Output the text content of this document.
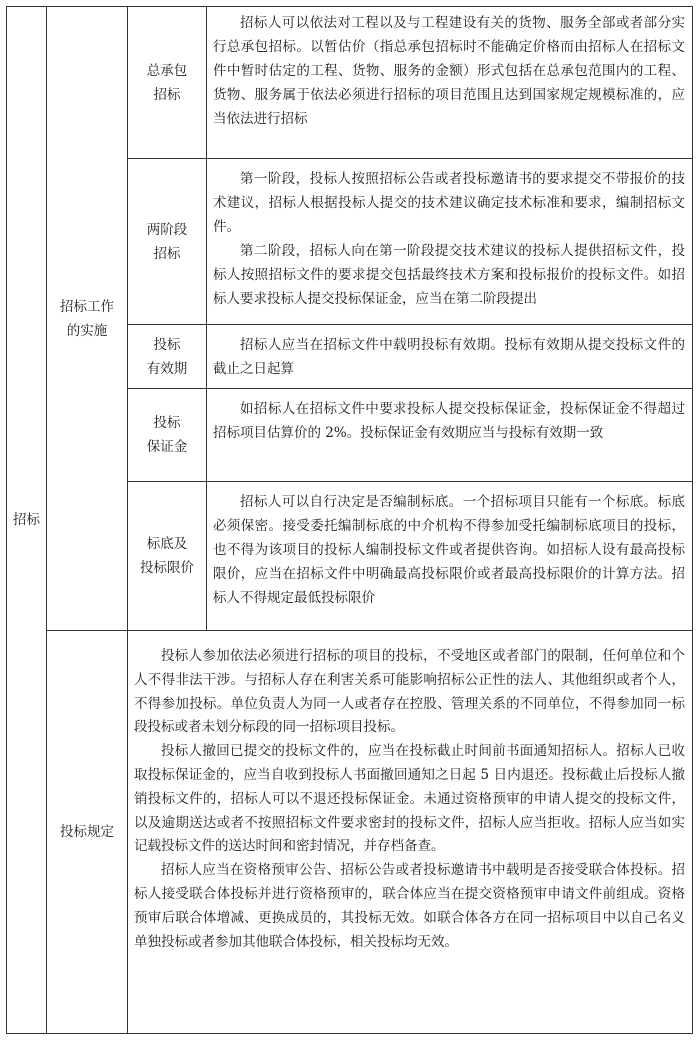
招标
招标工作
的实施
投标规定
总承包
招标

招标人可以依法对工程以及与工程建设有关的货物、服务全部或者部分实行总承包招标。以暂估价（指总承包招标时不能确定价格而由招标人在招标文件中暂时估定的工程、货物、服务的金额）形式包括在总承包范围内的工程、货物、服务属于依法必须进行招标的项目范围且达到国家规定规模标准的，应当依法进行招标

两阶段
招标

第一阶段，投标人按照招标公告或者投标邀请书的要求提交不带报价的技术建议，招标人根据投标人提交的技术建议确定技术标准和要求，编制招标文件。

第二阶段，招标人向在第一阶段提交技术建议的投标人提供招标文件，投标人按照招标文件的要求提交包括最终技术方案和投标报价的投标文件。如招标人要求投标人提交投标保证金，应当在第二阶段提出

投标
有效期

招标人应当在招标文件中载明投标有效期。投标有效期从提交投标文件的截止之日起算

投标
保证金

如招标人在招标文件中要求投标人提交投标保证金，投标保证金不得超过招标项目估算价的 2%。投标保证金有效期应当与投标有效期一致

标底及
投标限价

招标人可以自行决定是否编制标底。一个招标项目只能有一个标底。标底必须保密。接受委托编制标底的中介机构不得参加受托编制标底项目的投标，也不得为该项目的投标人编制投标文件或者提供咨询。如招标人设有最高投标限价，应当在招标文件中明确最高投标限价或者最高投标限价的计算方法。招标人不得规定最低投标限价

投标人参加依法必须进行招标的项目的投标，不受地区或者部门的限制，任何单位和个人不得非法干涉。与招标人存在利害关系可能影响招标公正性的法人、其他组织或者个人，不得参加投标。单位负责人为同一人或者存在控股、管理关系的不同单位，不得参加同一标段投标或者未划分标段的同一招标项目投标。

投标人撤回已提交的投标文件的，应当在投标截止时间前书面通知招标人。招标人已收取投标保证金的，应当自收到投标人书面撤回通知之日起 5 日内退还。投标截止后投标人撤销投标文件的，招标人可以不退还投标保证金。未通过资格预审的申请人提交的投标文件，以及逾期送达或者不按照招标文件要求密封的投标文件，招标人应当拒收。招标人应当如实记载投标文件的送达时间和密封情况，并存档备查。

招标人应当在资格预审公告、招标公告或者投标邀请书中载明是否接受联合体投标。招标人接受联合体投标并进行资格预审的，联合体应当在提交资格预审申请文件前组成。资格预审后联合体增减、更换成员的，其投标无效。如联合体各方在同一招标项目中以自己名义单独投标或者参加其他联合体投标，相关投标均无效。
